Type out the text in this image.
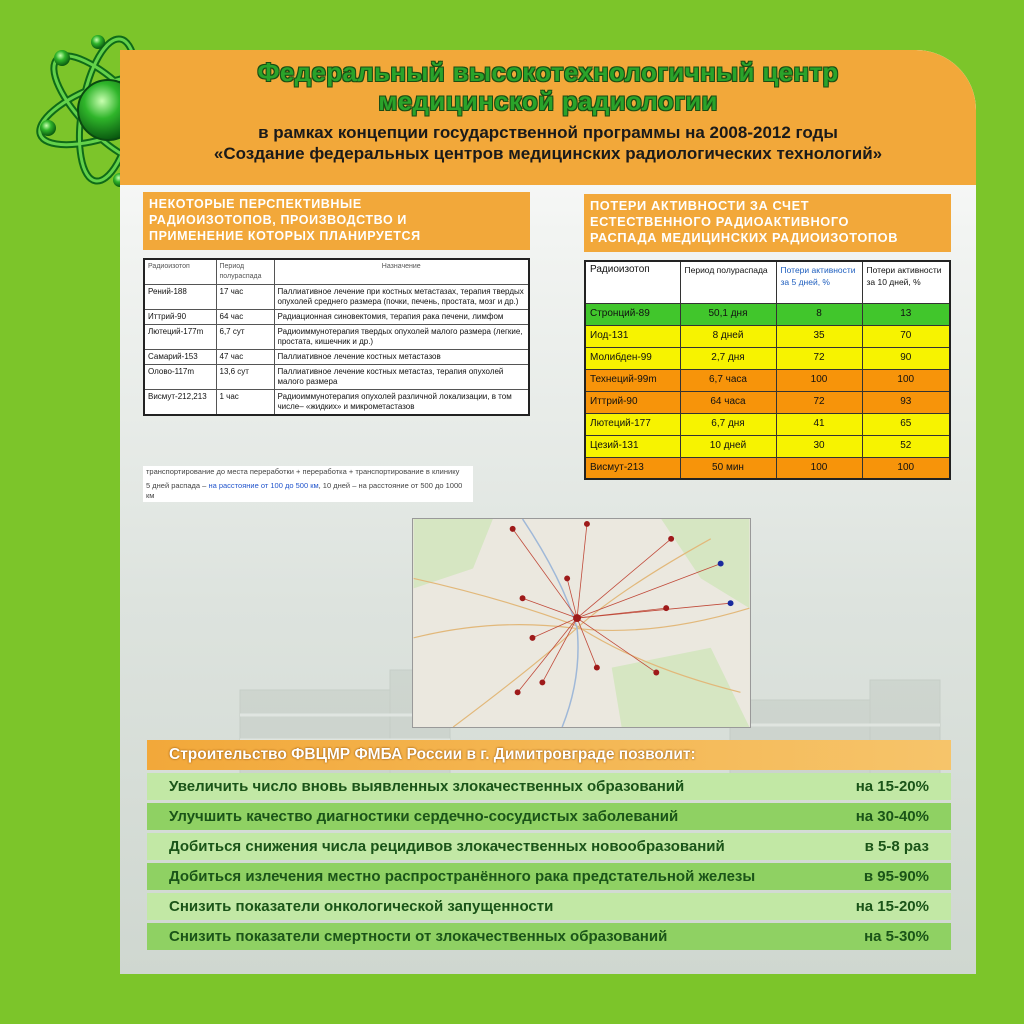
Федеральный высокотехнологичный центр
медицинской радиологии
в рамках концепции государственной программы на 2008-2012 годы
«Создание федеральных центров медицинских радиологических технологий»
НЕКОТОРЫЕ ПЕРСПЕКТИВНЫЕ
РАДИОИЗОТОПОВ, ПРОИЗВОДСТВО И
ПРИМЕНЕНИЕ КОТОРЫХ ПЛАНИРУЕТСЯ
Радиоизотоп	Период полураспада	Назначение
Рений-188	17 час	Паллиативное лечение при костных метастазах, терапия твердых опухолей среднего размера (почки, печень, простата, мозг и др.)
Иттрий-90	64 час	Радиационная синовектомия, терапия рака печени, лимфом
Лютеций-177m	6,7 сут	Радиоиммунотерапия твердых опухолей малого размера (легкие, простата, кишечник и др.)
Самарий-153	47 час	Паллиативное лечение костных метастазов
Олово-117m	13,6 сут	Паллиативное лечение костных метастаз, терапия опухолей малого размера
Висмут-212,213	1 час	Радиоиммунотерапия опухолей различной локализации, в том числе– «жидких» и микрометастазов
транспортирование до места переработки + переработка + транспортирование в клинику
5 дней распада – на расстояние от 100 до 500 км, 10 дней – на расстояние от 500 до 1000 км
ПОТЕРИ АКТИВНОСТИ ЗА СЧЕТ
ЕСТЕСТВЕННОГО РАДИОАКТИВНОГО
РАСПАДА МЕДИЦИНСКИХ РАДИОИЗОТОПОВ
Радиоизотоп	Период полураспада	Потери активности за 5 дней, %	Потери активности за 10 дней, %
Стронций-89	50,1 дня	8	13
Иод-131	8 дней	35	70
Молибден-99	2,7 дня	72	90
Технеций-99m	6,7 часа	100	100
Иттрий-90	64 часа	72	93
Лютеций-177	6,7 дня	41	65
Цезий-131	10 дней	30	52
Висмут-213	50 мин	100	100
Строительство ФВЦМР ФМБА России в г. Димитровграде позволит:
Увеличить число вновь выявленных злокачественных образований	на 15-20%
Улучшить качество диагностики сердечно-сосудистых заболеваний	на 30-40%
Добиться снижения числа рецидивов злокачественных новообразований	в 5-8 раз
Добиться излечения местно распространённого рака предстательной железы	в 95-90%
Снизить показатели онкологической запущенности	на 15-20%
Снизить показатели смертности от злокачественных образований	на 5-30%
